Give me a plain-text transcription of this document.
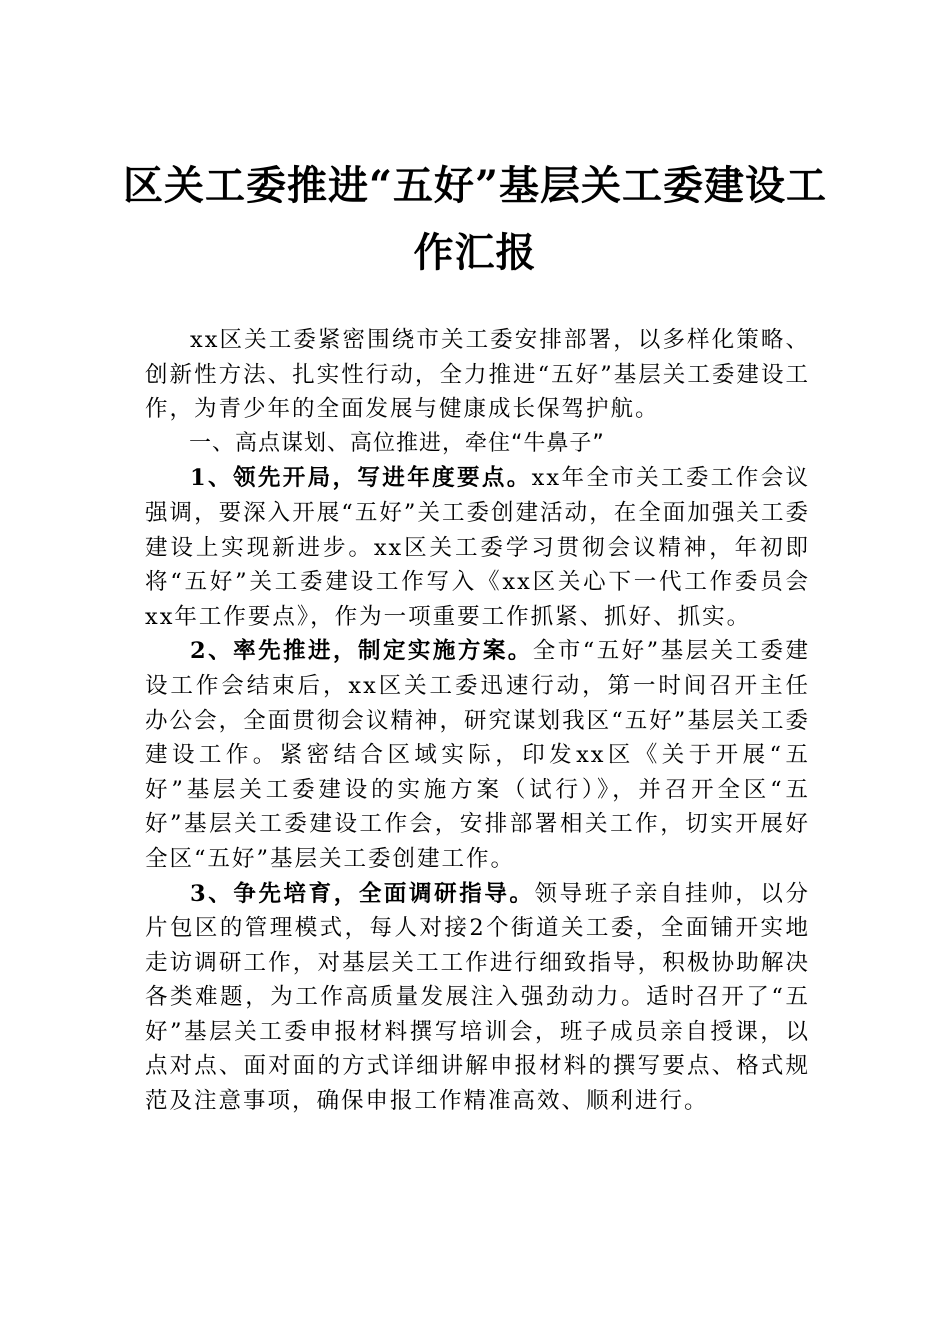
区关工委推进“五好”基层关工委建设工
作汇报

xx区关工委紧密围绕市关工委安排部署，以多样化策略、创新性方法、扎实性行动，全力推进“五好”基层关工委建设工作，为青少年的全面发展与健康成长保驾护航。

一、高点谋划、高位推进，牵住“牛鼻子”

1、领先开局，写进年度要点。xx年全市关工委工作会议强调，要深入开展“五好”关工委创建活动，在全面加强关工委建设上实现新进步。xx区关工委学习贯彻会议精神，年初即将“五好”关工委建设工作写入《xx区关心下一代工作委员会xx年工作要点》，作为一项重要工作抓紧、抓好、抓实。

2、率先推进，制定实施方案。全市“五好”基层关工委建设工作会结束后，xx区关工委迅速行动，第一时间召开主任办公会，全面贯彻会议精神，研究谋划我区“五好”基层关工委建设工作。紧密结合区域实际，印发xx区《关于开展“五好”基层关工委建设的实施方案（试行）》，并召开全区“五好”基层关工委建设工作会，安排部署相关工作，切实开展好全区“五好”基层关工委创建工作。

3、争先培育，全面调研指导。领导班子亲自挂帅，以分片包区的管理模式，每人对接2个街道关工委，全面铺开实地走访调研工作，对基层关工工作进行细致指导，积极协助解决各类难题，为工作高质量发展注入强劲动力。适时召开了“五好”基层关工委申报材料撰写培训会，班子成员亲自授课，以点对点、面对面的方式详细讲解申报材料的撰写要点、格式规范及注意事项，确保申报工作精准高效、顺利进行。
